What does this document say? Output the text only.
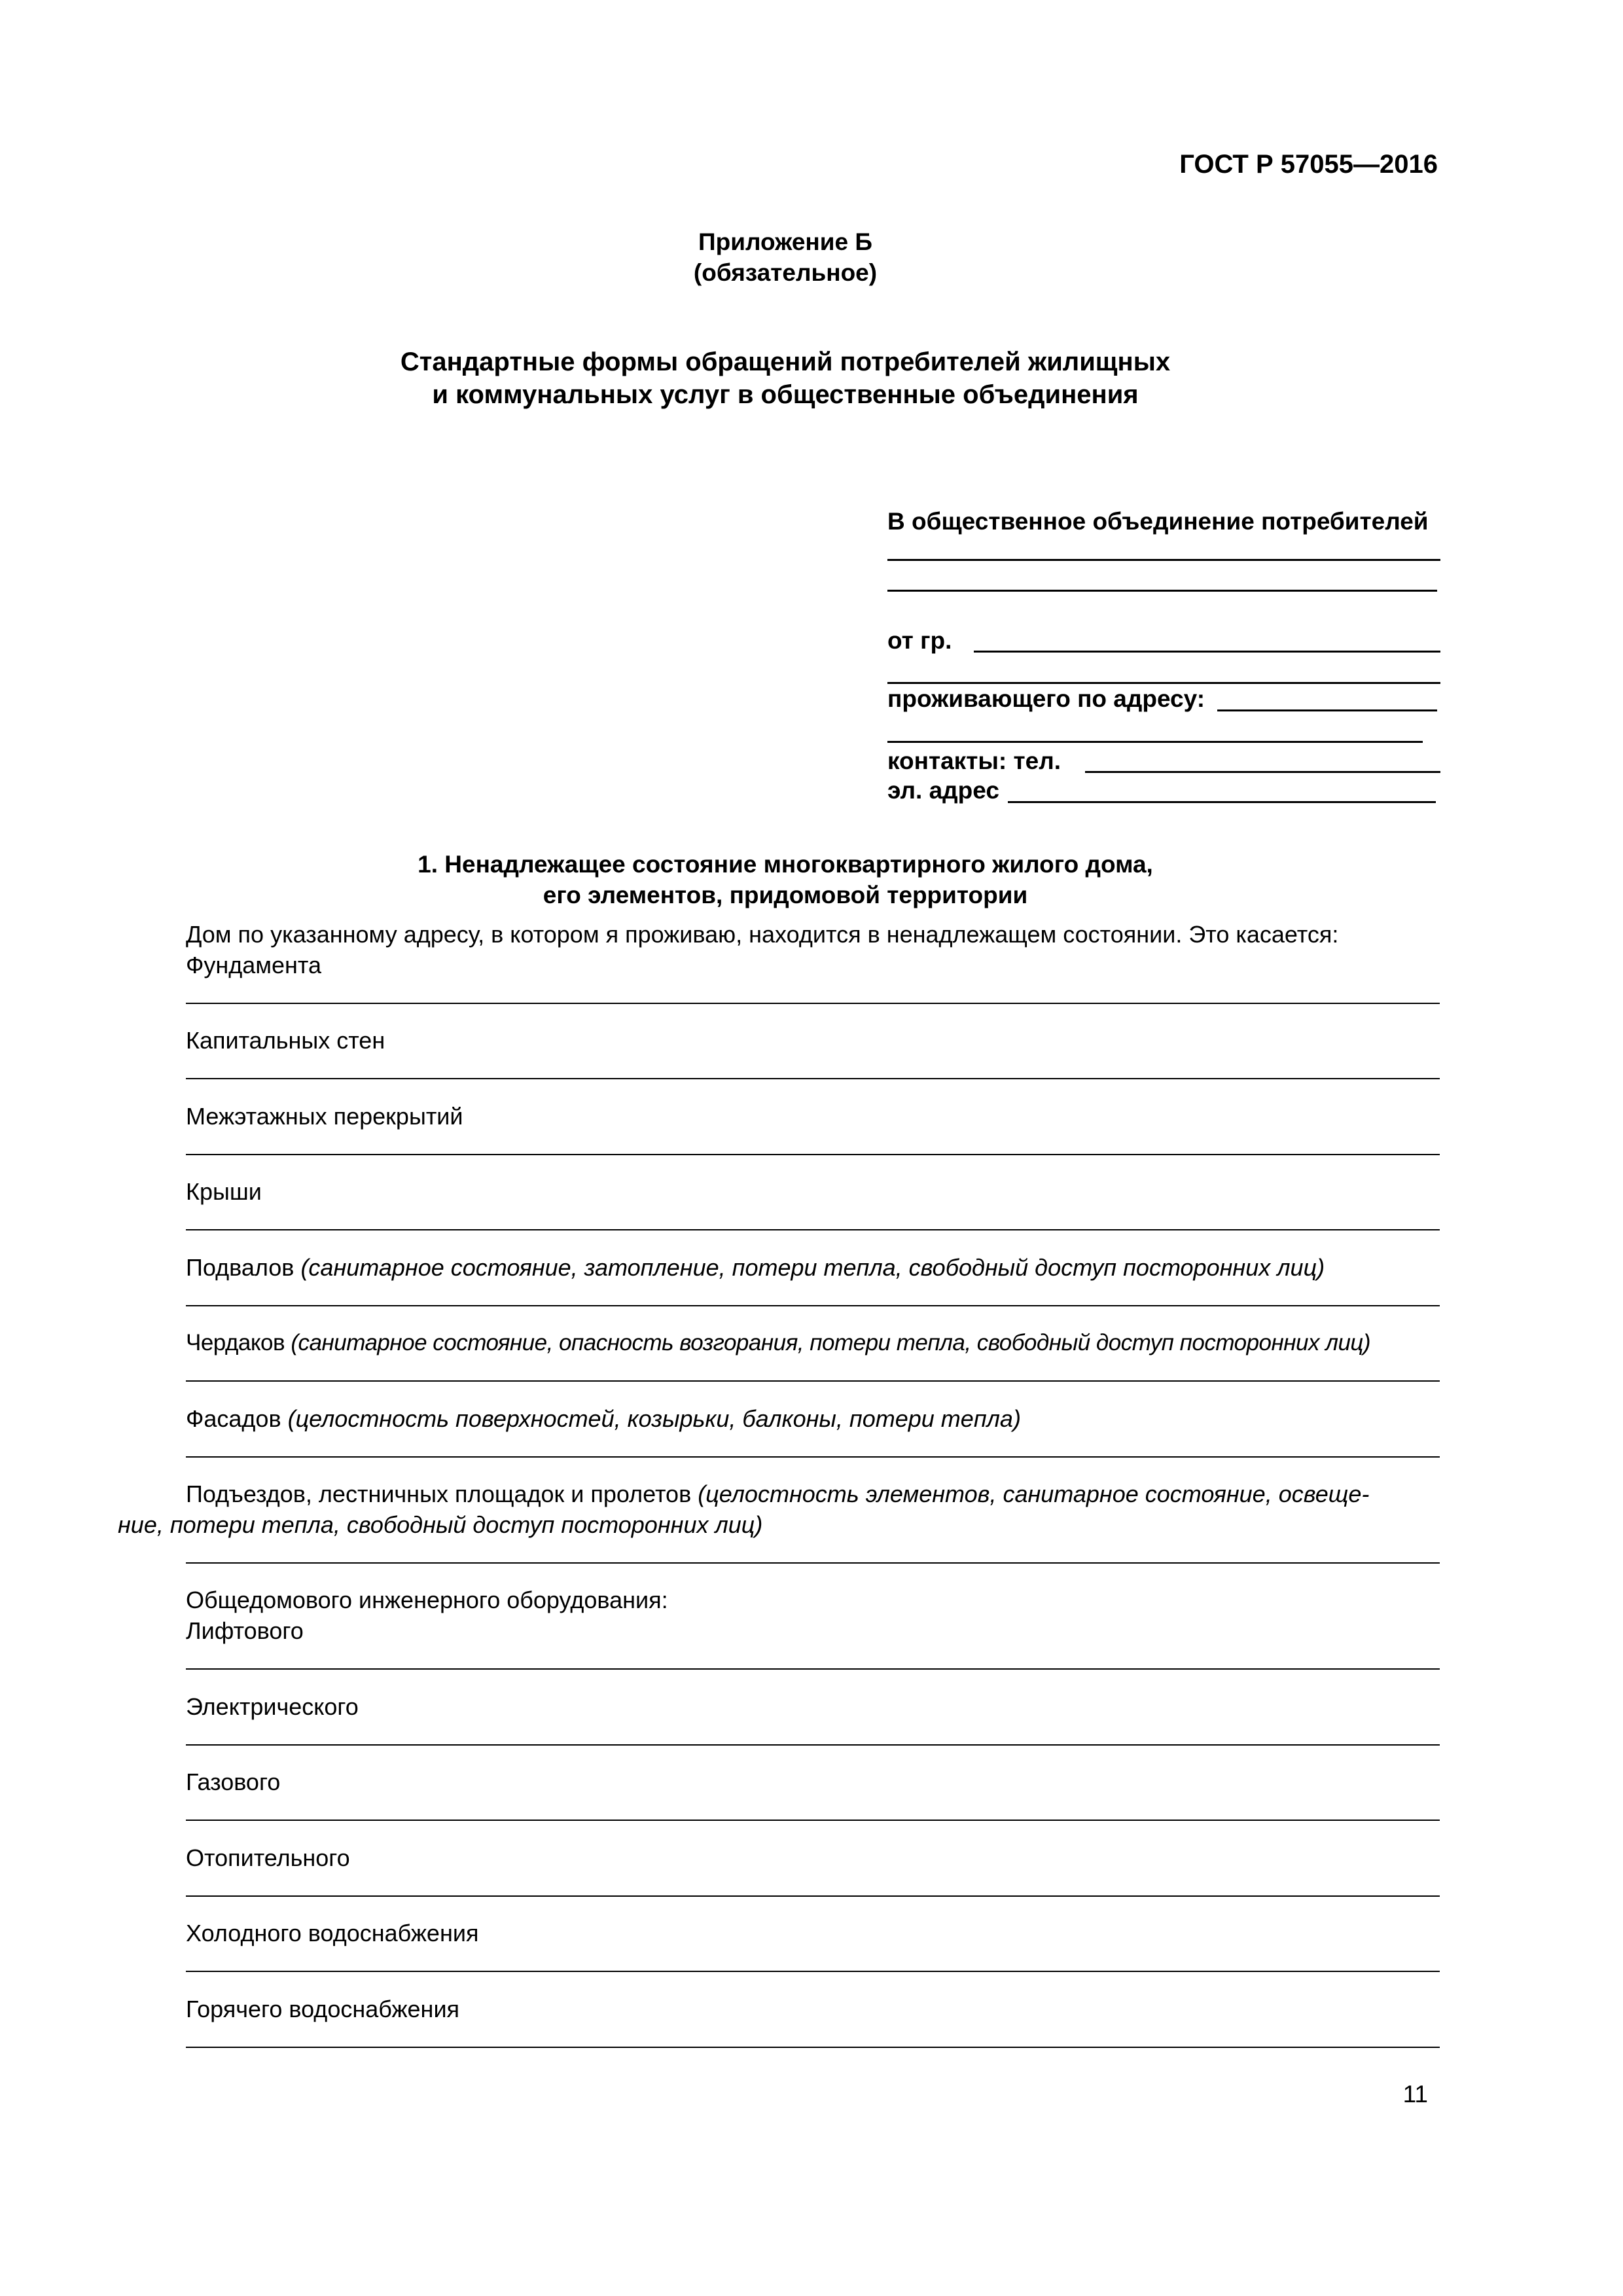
ГОСТ Р 57055—2016
Приложение Б
(обязательное)
Стандартные формы обращений потребителей жилищных
и коммунальных услуг в общественные объединения
В общественное объединение потребителей
от гр.
проживающего по адресу:
контакты: тел.
эл. адрес
1. Ненадлежащее состояние многоквартирного жилого дома,
его элементов, придомовой территории
Дом по указанному адресу, в котором я проживаю, находится в ненадлежащем состоянии. Это касается:
Фундамента
Капитальных стен
Межэтажных перекрытий
Крыши
Подвалов (санитарное состояние, затопление, потери тепла, свободный доступ посторонних лиц)
Чердаков (санитарное состояние, опасность возгорания, потери тепла, свободный доступ посторонних лиц)
Фасадов (целостность поверхностей, козырьки, балконы, потери тепла)
Подъездов, лестничных площадок и пролетов (целостность элементов, санитарное состояние, освеще-
ние, потери тепла, свободный доступ посторонних лиц)
Общедомового инженерного оборудования:
Лифтового
Электрического
Газового
Отопительного
Холодного водоснабжения
Горячего водоснабжения
11
